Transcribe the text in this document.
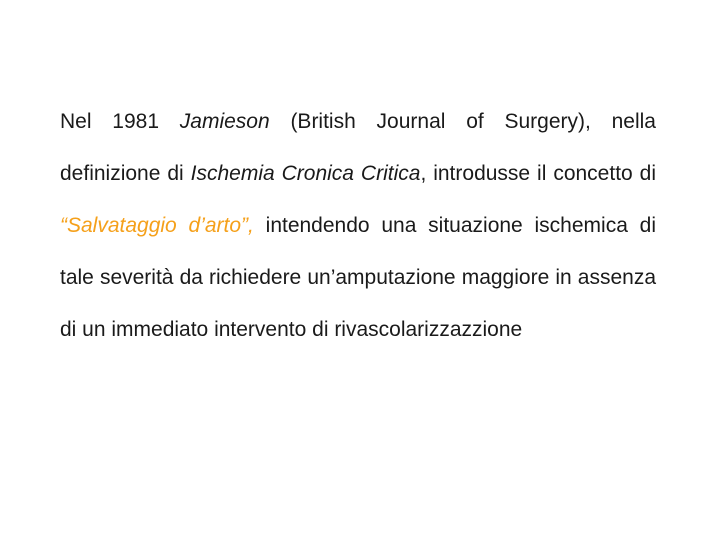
Nel 1981 Jamieson (British Journal of Surgery), nella definizione di Ischemia Cronica Critica, introdusse il concetto di “Salvataggio d’arto”, intendendo una situazione ischemica di tale severità da richiedere un’amputazione maggiore in assenza di un immediato intervento di rivascolarizzazzione
